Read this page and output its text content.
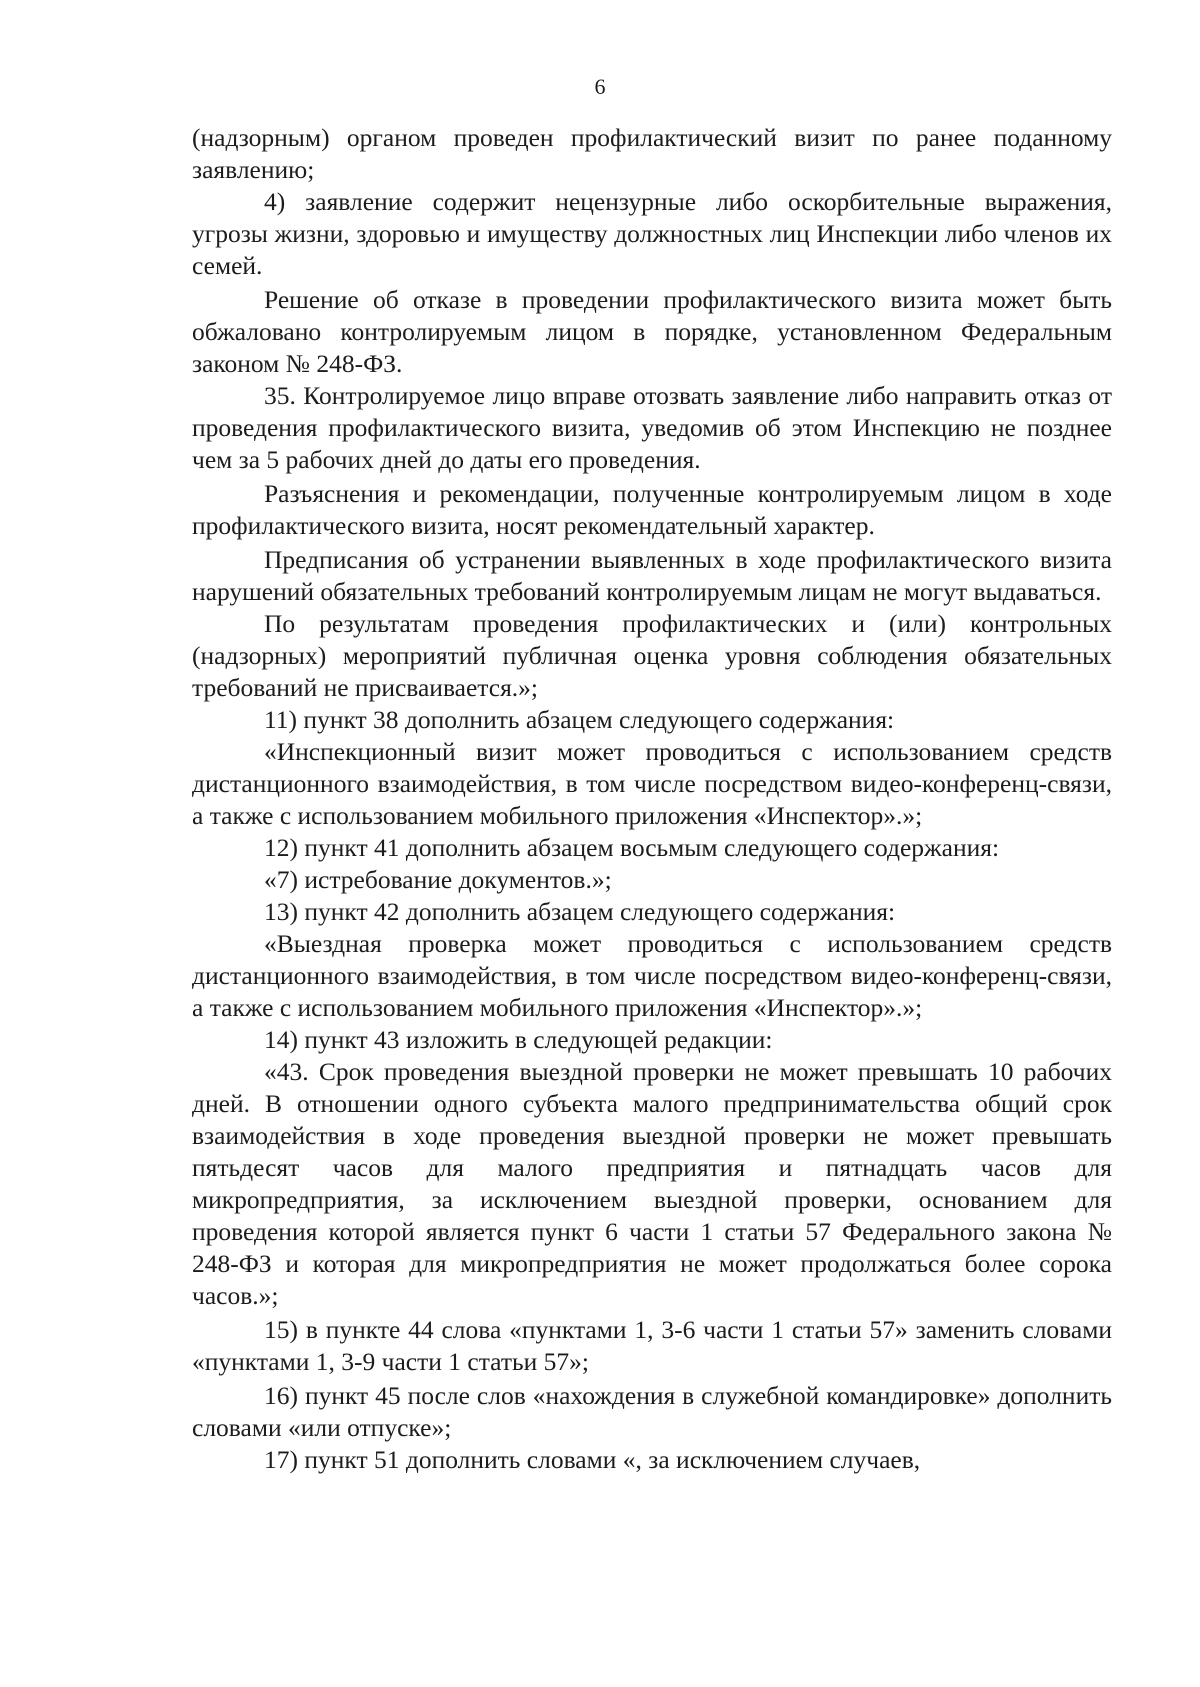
6

(надзорным) органом проведен профилактический визит по ранее поданному заявлению;

4) заявление содержит нецензурные либо оскорбительные выражения, угрозы жизни, здоровью и имуществу должностных лиц Инспекции либо членов их семей.

Решение об отказе в проведении профилактического визита может быть обжаловано контролируемым лицом в порядке, установленном Федеральным законом № 248-ФЗ.

35. Контролируемое лицо вправе отозвать заявление либо направить отказ от проведения профилактического визита, уведомив об этом Инспекцию не позднее чем за 5 рабочих дней до даты его проведения.

Разъяснения и рекомендации, полученные контролируемым лицом в ходе профилактического визита, носят рекомендательный характер.

Предписания об устранении выявленных в ходе профилактического визита нарушений обязательных требований контролируемым лицам не могут выдаваться.

По результатам проведения профилактических и (или) контрольных (надзорных) мероприятий публичная оценка уровня соблюдения обязательных требований не присваивается.»;

11) пункт 38 дополнить абзацем следующего содержания:

«Инспекционный визит может проводиться с использованием средств дистанционного взаимодействия, в том числе посредством видео-конференц-связи, а также с использованием мобильного приложения «Инспектор».»;

12) пункт 41 дополнить абзацем восьмым следующего содержания:

«7) истребование документов.»;

13) пункт 42 дополнить абзацем следующего содержания:

«Выездная проверка может проводиться с использованием средств дистанционного взаимодействия, в том числе посредством видео-конференц-связи, а также с использованием мобильного приложения «Инспектор».»;

14) пункт 43 изложить в следующей редакции:

«43. Срок проведения выездной проверки не может превышать 10 рабочих дней. В отношении одного субъекта малого предпринимательства общий срок взаимодействия в ходе проведения выездной проверки не может превышать пятьдесят часов для малого предприятия и пятнадцать часов для микропредприятия, за исключением выездной проверки, основанием для проведения которой является пункт 6 части 1 статьи 57 Федерального закона № 248-ФЗ и которая для микропредприятия не может продолжаться более сорока часов.»;

15) в пункте 44 слова «пунктами 1, 3-6 части 1 статьи 57» заменить словами «пунктами 1, 3-9 части 1 статьи 57»;

16) пункт 45 после слов «нахождения в служебной командировке» дополнить словами «или отпуске»;

17) пункт 51 дополнить словами «, за исключением случаев,
